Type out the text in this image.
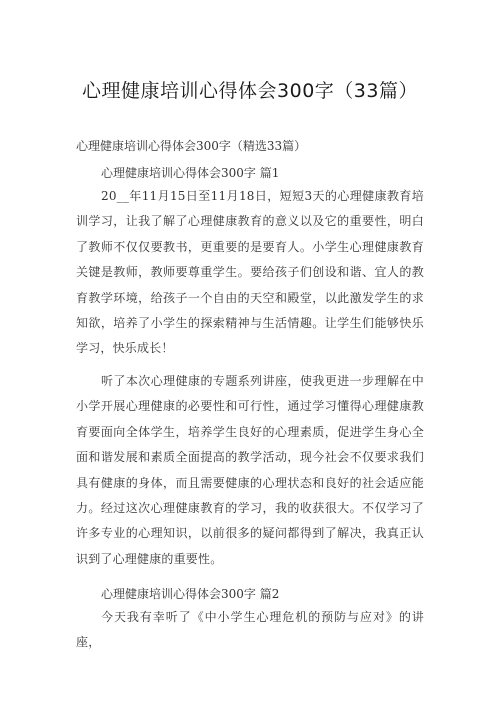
心理健康培训心得体会300字（33篇）
心理健康培训心得体会300字（精选33篇）
心理健康培训心得体会300字 篇1
20__年11月15日至11月18日，短短3天的心理健康教育培训学习，让我了解了心理健康教育的意义以及它的重要性，明白了教师不仅仅要教书，更重要的是要育人。小学生心理健康教育关键是教师，教师要尊重学生。要给孩子们创设和谐、宜人的教育教学环境，给孩子一个自由的天空和殿堂，以此激发学生的求知欲，培养了小学生的探索精神与生活情趣。让学生们能够快乐学习，快乐成长！
听了本次心理健康的专题系列讲座，使我更进一步理解在中小学开展心理健康的必要性和可行性，通过学习懂得心理健康教育要面向全体学生，培养学生良好的心理素质，促进学生身心全面和谐发展和素质全面提高的教学活动，现今社会不仅要求我们具有健康的身体，而且需要健康的心理状态和良好的社会适应能力。经过这次心理健康教育的学习，我的收获很大。不仅学习了许多专业的心理知识，以前很多的疑问都得到了解决，我真正认识到了心理健康的重要性。
心理健康培训心得体会300字 篇2
今天我有幸听了《中小学生心理危机的预防与应对》的讲座，
